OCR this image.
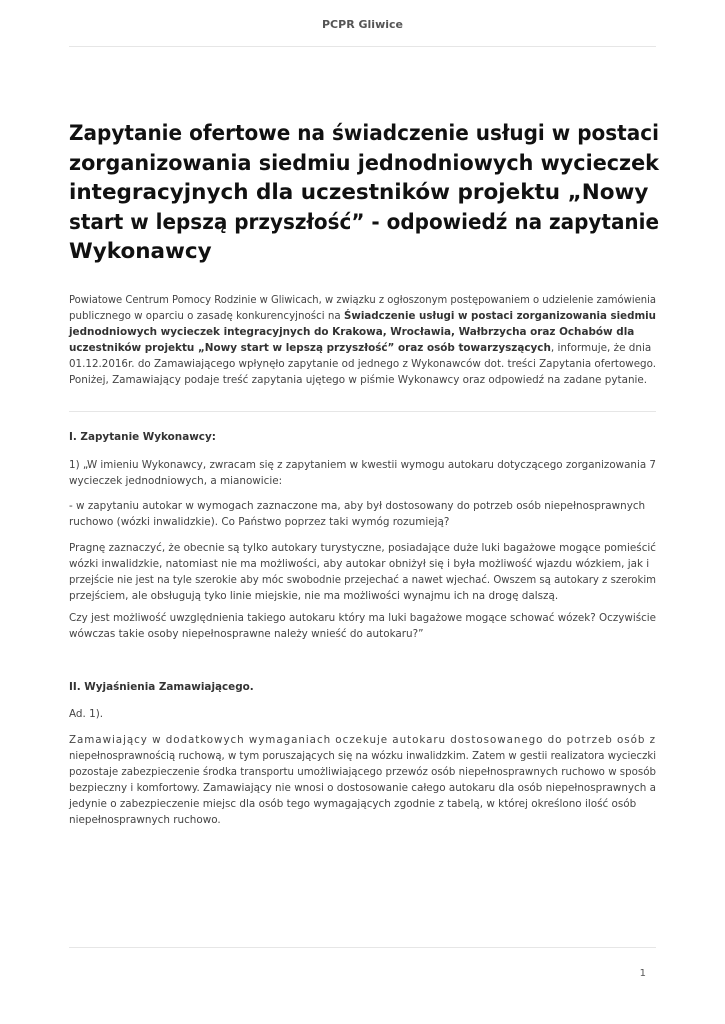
PCPR Gliwice
Zapytanie ofertowe na świadczenie usługi w postaci
zorganizowania siedmiu jednodniowych wycieczek
integracyjnych dla uczestników projektu „Nowy
start w lepszą przyszłość” - odpowiedź na zapytanie
Wykonawcy
Powiatowe Centrum Pomocy Rodzinie w Gliwicach, w związku z ogłoszonym postępowaniem o udzielenie zamówienia
publicznego w oparciu o zasadę konkurencyjności na Świadczenie usługi w postaci zorganizowania siedmiu
jednodniowych wycieczek integracyjnych do Krakowa, Wrocławia, Wałbrzycha oraz Ochabów dla
uczestników projektu „Nowy start w lepszą przyszłość” oraz osób towarzyszących, informuje, że dnia
01.12.2016r. do Zamawiającego wpłynęło zapytanie od jednego z Wykonawców dot. treści Zapytania ofertowego.
Poniżej, Zamawiający podaje treść zapytania ujętego w piśmie Wykonawcy oraz odpowiedź na zadane pytanie.
I. Zapytanie Wykonawcy:
1) „W imieniu Wykonawcy, zwracam się z zapytaniem w kwestii wymogu autokaru dotyczącego zorganizowania 7
wycieczek jednodniowych, a mianowicie:
- w zapytaniu autokar w wymogach zaznaczone ma, aby był dostosowany do potrzeb osób niepełnosprawnych
ruchowo (wózki inwalidzkie). Co Państwo poprzez taki wymóg rozumieją?
Pragnę zaznaczyć, że obecnie są tylko autokary turystyczne, posiadające duże luki bagażowe mogące pomieścić
wózki inwalidzkie, natomiast nie ma możliwości, aby autokar obniżył się i była możliwość wjazdu wózkiem, jak i
przejście nie jest na tyle szerokie aby móc swobodnie przejechać a nawet wjechać. Owszem są autokary z szerokim
przejściem, ale obsługują tyko linie miejskie, nie ma możliwości wynajmu ich na drogę dalszą.
Czy jest możliwość uwzględnienia takiego autokaru który ma luki bagażowe mogące schować wózek? Oczywiście
wówczas takie osoby niepełnosprawne należy wnieść do autokaru?”
II. Wyjaśnienia Zamawiającego.
Ad. 1).
Zamawiający w dodatkowych wymaganiach oczekuje autokaru dostosowanego do potrzeb osób z
niepełnosprawnością ruchową, w tym poruszających się na wózku inwalidzkim. Zatem w gestii realizatora wycieczki
pozostaje zabezpieczenie środka transportu umożliwiającego przewóz osób niepełnosprawnych ruchowo w sposób
bezpieczny i komfortowy. Zamawiający nie wnosi o dostosowanie całego autokaru dla osób niepełnosprawnych a
jedynie o zabezpieczenie miejsc dla osób tego wymagających zgodnie z tabelą, w której określono ilość osób
niepełnosprawnych ruchowo.
1
